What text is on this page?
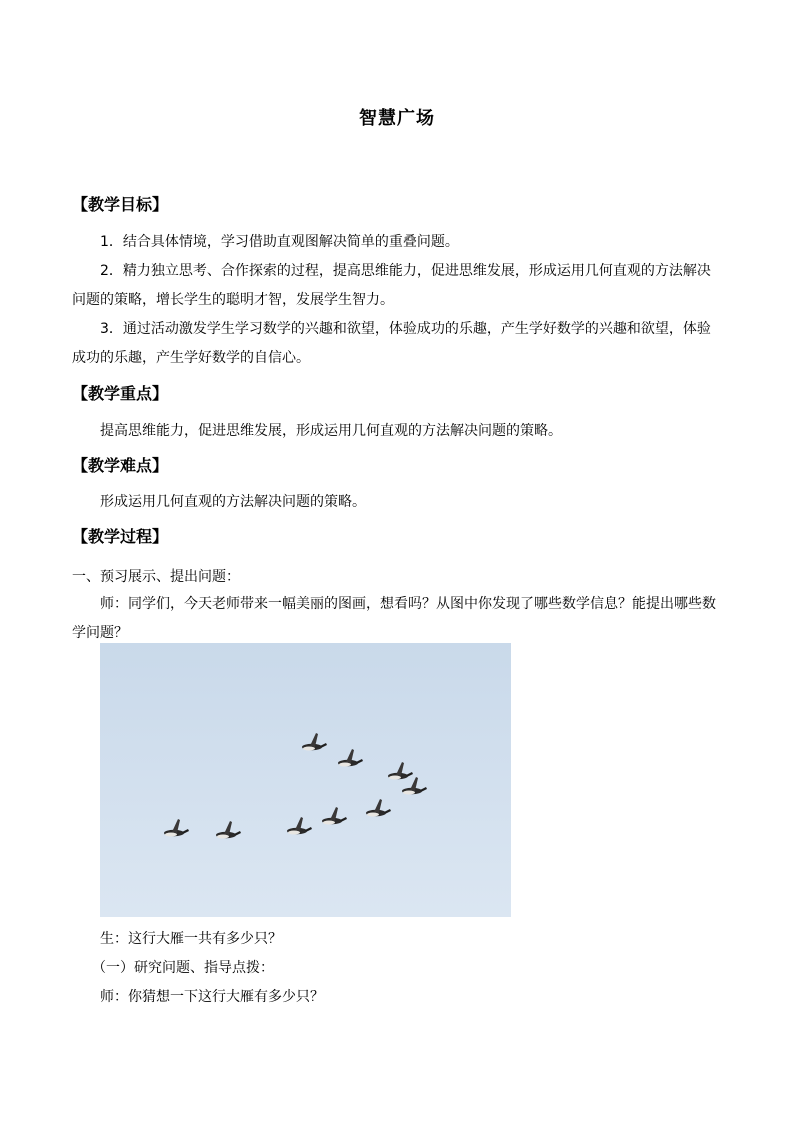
智慧广场
【教学目标】

1．结合具体情境，学习借助直观图解决简单的重叠问题。

2．精力独立思考、合作探索的过程，提高思维能力，促进思维发展，形成运用几何直观的方法解决问题的策略，增长学生的聪明才智，发展学生智力。

3．通过活动激发学生学习数学的兴趣和欲望，体验成功的乐趣，产生学好数学的兴趣和欲望，体验成功的乐趣，产生学好数学的自信心。

【教学重点】

提高思维能力，促进思维发展，形成运用几何直观的方法解决问题的策略。

【教学难点】

形成运用几何直观的方法解决问题的策略。

【教学过程】
一、预习展示、提出问题：

师：同学们，今天老师带来一幅美丽的图画，想看吗？从图中你发现了哪些数学信息？能提出哪些数学问题？

生：这行大雁一共有多少只？
（一）研究问题、指导点拨：
师：你猜想一下这行大雁有多少只？
